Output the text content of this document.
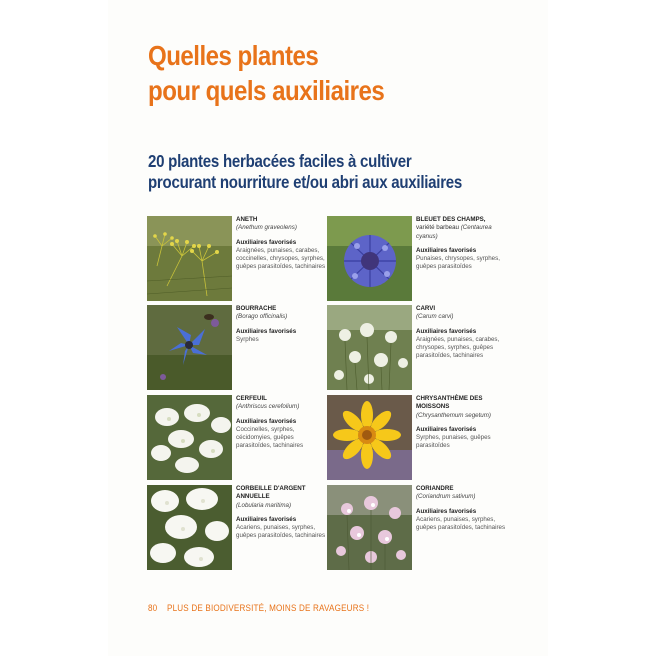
Quelles plantes
pour quels auxiliaires
20 plantes herbacées faciles à cultiver
procurant nourriture et/ou abri aux auxiliaires
ANETH
(Anethum graveolens)
Auxiliaires favorisés
Araignées, punaises, carabes, coccinelles, chrysopes, syrphes, guêpes parasitoïdes, tachinaires
BLEUET DES CHAMPS,
variété barbeau (Centaurea cyanus)
Auxiliaires favorisés
Punaises, chrysopes, syrphes, guêpes parasitoïdes
BOURRACHE
(Borago officinalis)
Auxiliaires favorisés
Syrphes
CARVI
(Carum carvi)
Auxiliaires favorisés
Araignées, punaises, carabes, chrysopes, syrphes, guêpes parasitoïdes, tachinaires
CERFEUIL
(Anthriscus cerefolium)
Auxiliaires favorisés
Coccinelles, syrphes, cécidomyies, guêpes parasitoïdes, tachinaires
CHRYSANTHÈME DES MOISSONS
(Chrysanthemum segetum)
Auxiliaires favorisés
Syrphes, punaises, guêpes parasitoïdes
CORBEILLE D'ARGENT ANNUELLE
(Lobularia maritima)
Auxiliaires favorisés
Acariens, punaises, syrphes, guêpes parasitoïdes, tachinaires
CORIANDRE
(Coriandrum sativum)
Auxiliaires favorisés
Acariens, punaises, syrphes, guêpes parasitoïdes, tachinaires
80 PLUS DE BIODIVERSITÉ, MOINS DE RAVAGEURS !
